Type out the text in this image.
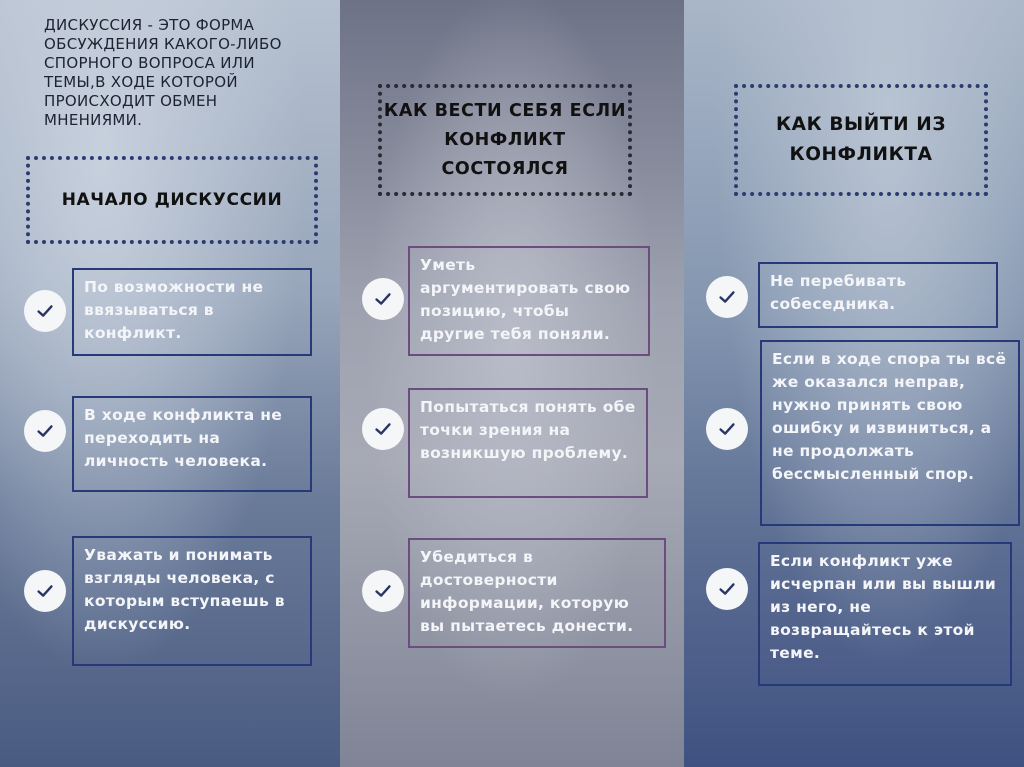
ДИСКУССИЯ - ЭТО ФОРМА ОБСУЖДЕНИЯ КАКОГО-ЛИБО СПОРНОГО ВОПРОСА ИЛИ ТЕМЫ,В ХОДЕ КОТОРОЙ ПРОИСХОДИТ ОБМЕН МНЕНИЯМИ.

НАЧАЛО ДИСКУССИИ
По возможности не ввязываться в конфликт.
В ходе конфликта не переходить на личность человека.
Уважать и понимать взгляды человека, с которым вступаешь в дискуссию.
КАК ВЕСТИ СЕБЯ ЕСЛИ КОНФЛИКТ СОСТОЯЛСЯ
Уметь аргументировать свою позицию, чтобы другие тебя поняли.
Попытаться понять обе точки зрения на возникшую проблему.
Убедиться в достоверности информации, которую вы пытаетесь донести.
КАК ВЫЙТИ ИЗ КОНФЛИКТА
Не перебивать собеседника.
Если в ходе спора ты всё же оказался неправ, нужно принять свою ошибку и извиниться, а не продолжать бессмысленный спор.
Если конфликт уже исчерпан или вы вышли из него, не возвращайтесь к этой теме.
